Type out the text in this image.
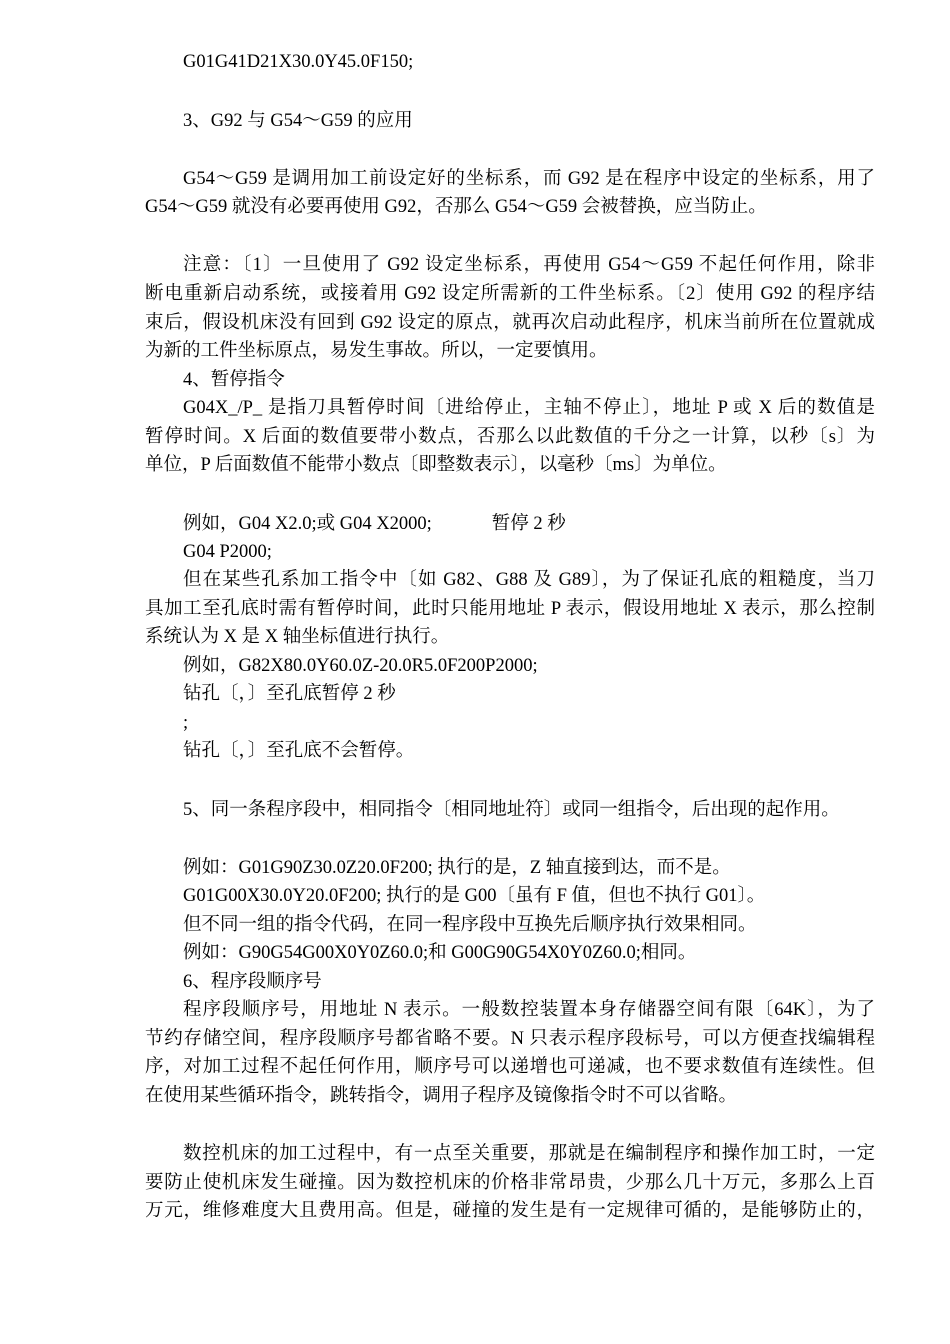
G01G41D21X30.0Y45.0F150;
3、G92 与 G54～G59 的应用
G54～G59 是调用加工前设定好的坐标系，而 G92 是在程序中设定的坐标系，用了
G54～G59 就没有必要再使用 G92，否那么 G54～G59 会被替换，应当防止。
注意：〔1〕一旦使用了 G92 设定坐标系，再使用 G54～G59 不起任何作用，除非
断电重新启动系统，或接着用 G92 设定所需新的工件坐标系。〔2〕使用 G92 的程序结
束后，假设机床没有回到 G92 设定的原点，就再次启动此程序，机床当前所在位置就成
为新的工件坐标原点，易发生事故。所以，一定要慎用。
4、暂停指令
G04X_/P_ 是指刀具暂停时间〔进给停止，主轴不停止〕，地址 P 或 X 后的数值是
暂停时间。X 后面的数值要带小数点，否那么以此数值的千分之一计算，以秒〔s〕为
单位，P 后面数值不能带小数点〔即整数表示〕，以毫秒〔ms〕为单位。
例如，G04 X2.0;或 G04 X2000;	暂停 2 秒
G04 P2000;
但在某些孔系加工指令中〔如 G82、G88 及 G89〕，为了保证孔底的粗糙度，当刀
具加工至孔底时需有暂停时间，此时只能用地址 P 表示，假设用地址 X 表示，那么控制
系统认为 X 是 X 轴坐标值进行执行。
例如，G82X80.0Y60.0Z-20.0R5.0F200P2000;
钻孔〔，〕至孔底暂停 2 秒
;
钻孔〔，〕至孔底不会暂停。
5、同一条程序段中，相同指令〔相同地址符〕或同一组指令，后出现的起作用。
例如：G01G90Z30.0Z20.0F200; 执行的是，Z 轴直接到达，而不是。
G01G00X30.0Y20.0F200; 执行的是 G00〔虽有 F 值，但也不执行 G01〕。
但不同一组的指令代码，在同一程序段中互换先后顺序执行效果相同。
例如：G90G54G00X0Y0Z60.0;和 G00G90G54X0Y0Z60.0;相同。
6、程序段顺序号
程序段顺序号，用地址 N 表示。一般数控装置本身存储器空间有限〔64K〕，为了
节约存储空间，程序段顺序号都省略不要。N 只表示程序段标号，可以方便查找编辑程
序，对加工过程不起任何作用，顺序号可以递增也可递减，也不要求数值有连续性。但
在使用某些循环指令，跳转指令，调用子程序及镜像指令时不可以省略。
数控机床的加工过程中，有一点至关重要，那就是在编制程序和操作加工时，一定
要防止使机床发生碰撞。因为数控机床的价格非常昂贵，少那么几十万元，多那么上百
万元，维修难度大且费用高。但是，碰撞的发生是有一定规律可循的，是能够防止的，
